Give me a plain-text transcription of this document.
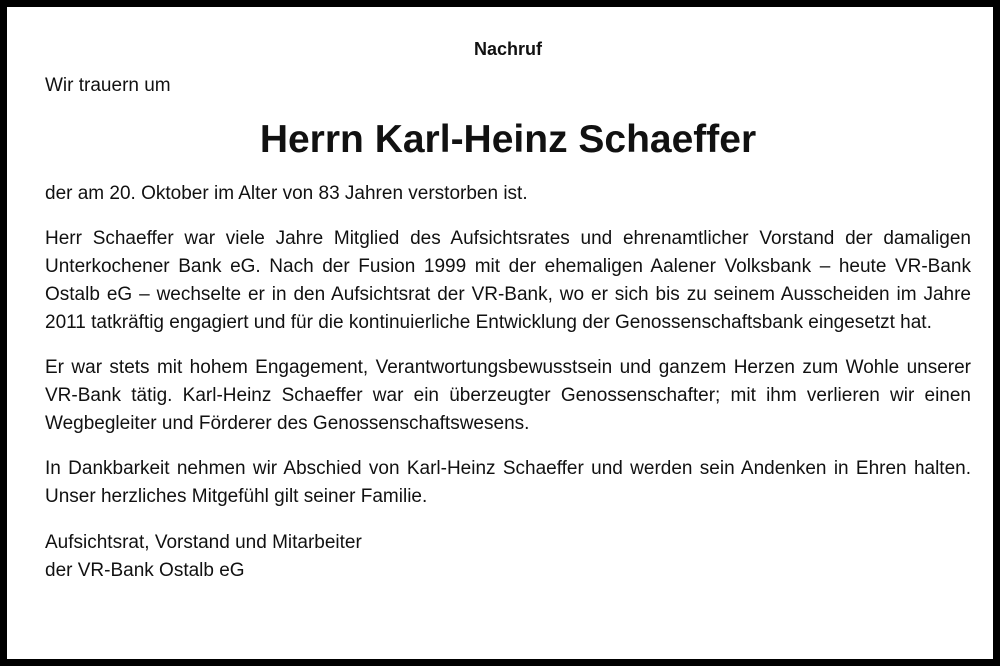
Nachruf

Wir trauern um

Herrn Karl-Heinz Schaeffer

der am 20. Oktober im Alter von 83 Jahren verstorben ist.

Herr Schaeffer war viele Jahre Mitglied des Aufsichtsrates und ehrenamtlicher Vorstand der damaligen Unterkochener Bank eG. Nach der Fusion 1999 mit der ehemaligen Aalener Volksbank – heute VR-Bank Ostalb eG – wechselte er in den Aufsichtsrat der VR-Bank, wo er sich bis zu seinem Ausscheiden im Jahre 2011 tatkräftig engagiert und für die kontinuierliche Entwicklung der Genossenschaftsbank eingesetzt hat.

Er war stets mit hohem Engagement, Verantwortungsbewusstsein und ganzem Herzen zum Wohle unserer VR-Bank tätig. Karl-Heinz Schaeffer war ein überzeugter Genossenschafter; mit ihm verlieren wir einen Wegbegleiter und Förderer des Genossenschaftswesens.

In Dankbarkeit nehmen wir Abschied von Karl-Heinz Schaeffer und werden sein Andenken in Ehren halten. Unser herzliches Mitgefühl gilt seiner Familie.

Aufsichtsrat, Vorstand und Mitarbeiter
der VR-Bank Ostalb eG
